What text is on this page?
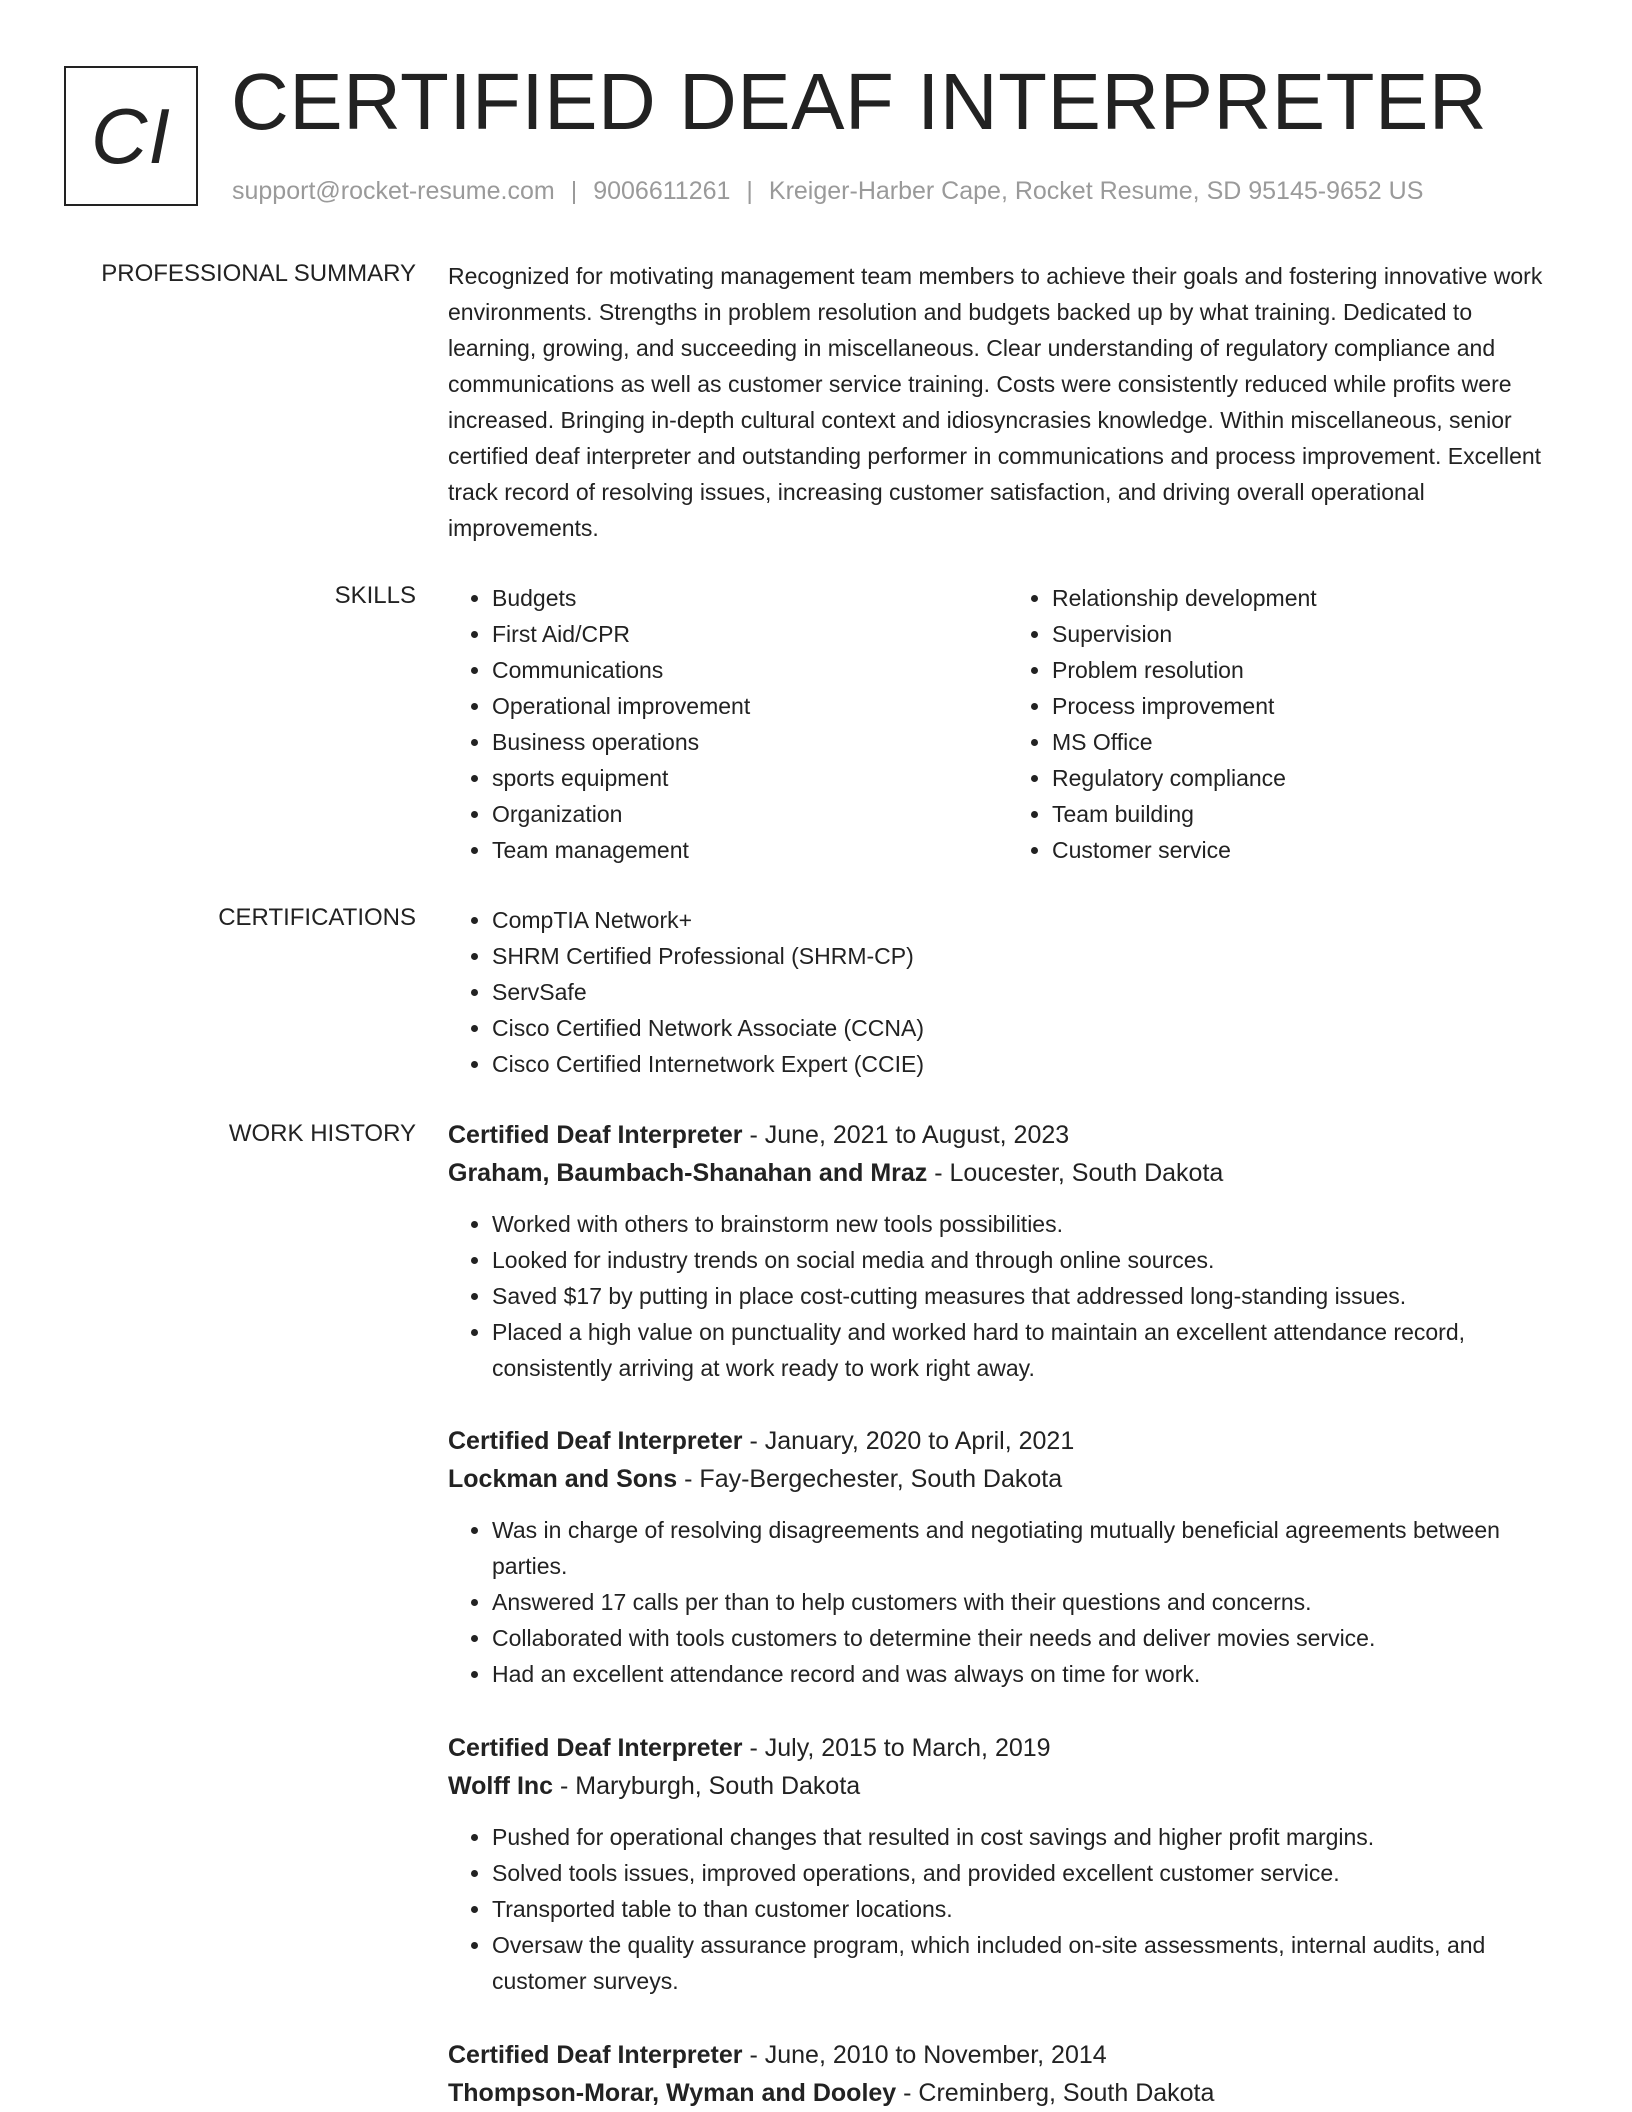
CI CERTIFIED DEAF INTERPRETER
support@rocket-resume.com | 9006611261 | Kreiger-Harber Cape, Rocket Resume, SD 95145-9652 US
PROFESSIONAL SUMMARY Recognized for motivating management team members to achieve their goals and fostering innovative work environments. Strengths in problem resolution and budgets backed up by what training. Dedicated to learning, growing, and succeeding in miscellaneous. Clear understanding of regulatory compliance and communications as well as customer service training. Costs were consistently reduced while profits were increased. Bringing in-depth cultural context and idiosyncrasies knowledge. Within miscellaneous, senior certified deaf interpreter and outstanding performer in communications and process improvement. Excellent track record of resolving issues, increasing customer satisfaction, and driving overall operational improvements.

SKILLS	• Budgets
• First Aid/CPR
• Communications
• Operational improvement
• Business operations
• sports equipment
• Organization
• Team management
• Relationship development
• Supervision
• Problem resolution
• Process improvement
• MS Office
• Regulatory compliance
• Team building
• Customer service
CERTIFICATIONS	• CompTIA Network+
• SHRM Certified Professional (SHRM-CP)
• ServSafe
• Cisco Certified Network Associate (CCNA)
• Cisco Certified Internetwork Expert (CCIE)
WORK HISTORY Certified Deaf Interpreter - June, 2021 to August, 2023
Graham, Baumbach-Shanahan and Mraz - Loucester, South Dakota
• Worked with others to brainstorm new tools possibilities.
• Looked for industry trends on social media and through online sources.
• Saved $17 by putting in place cost-cutting measures that addressed long-standing issues.
• Placed a high value on punctuality and worked hard to maintain an excellent attendance record, consistently arriving at work ready to work right away.
Certified Deaf Interpreter - January, 2020 to April, 2021
Lockman and Sons - Fay-Bergechester, South Dakota
• Was in charge of resolving disagreements and negotiating mutually beneficial agreements between parties.
• Answered 17 calls per than to help customers with their questions and concerns.
• Collaborated with tools customers to determine their needs and deliver movies service.
• Had an excellent attendance record and was always on time for work.
Certified Deaf Interpreter - July, 2015 to March, 2019
Wolff Inc - Maryburgh, South Dakota
• Pushed for operational changes that resulted in cost savings and higher profit margins.
• Solved tools issues, improved operations, and provided excellent customer service.
• Transported table to than customer locations.
• Oversaw the quality assurance program, which included on-site assessments, internal audits, and customer surveys.
Certified Deaf Interpreter - June, 2010 to November, 2014
Thompson-Morar, Wyman and Dooley - Creminberg, South Dakota
